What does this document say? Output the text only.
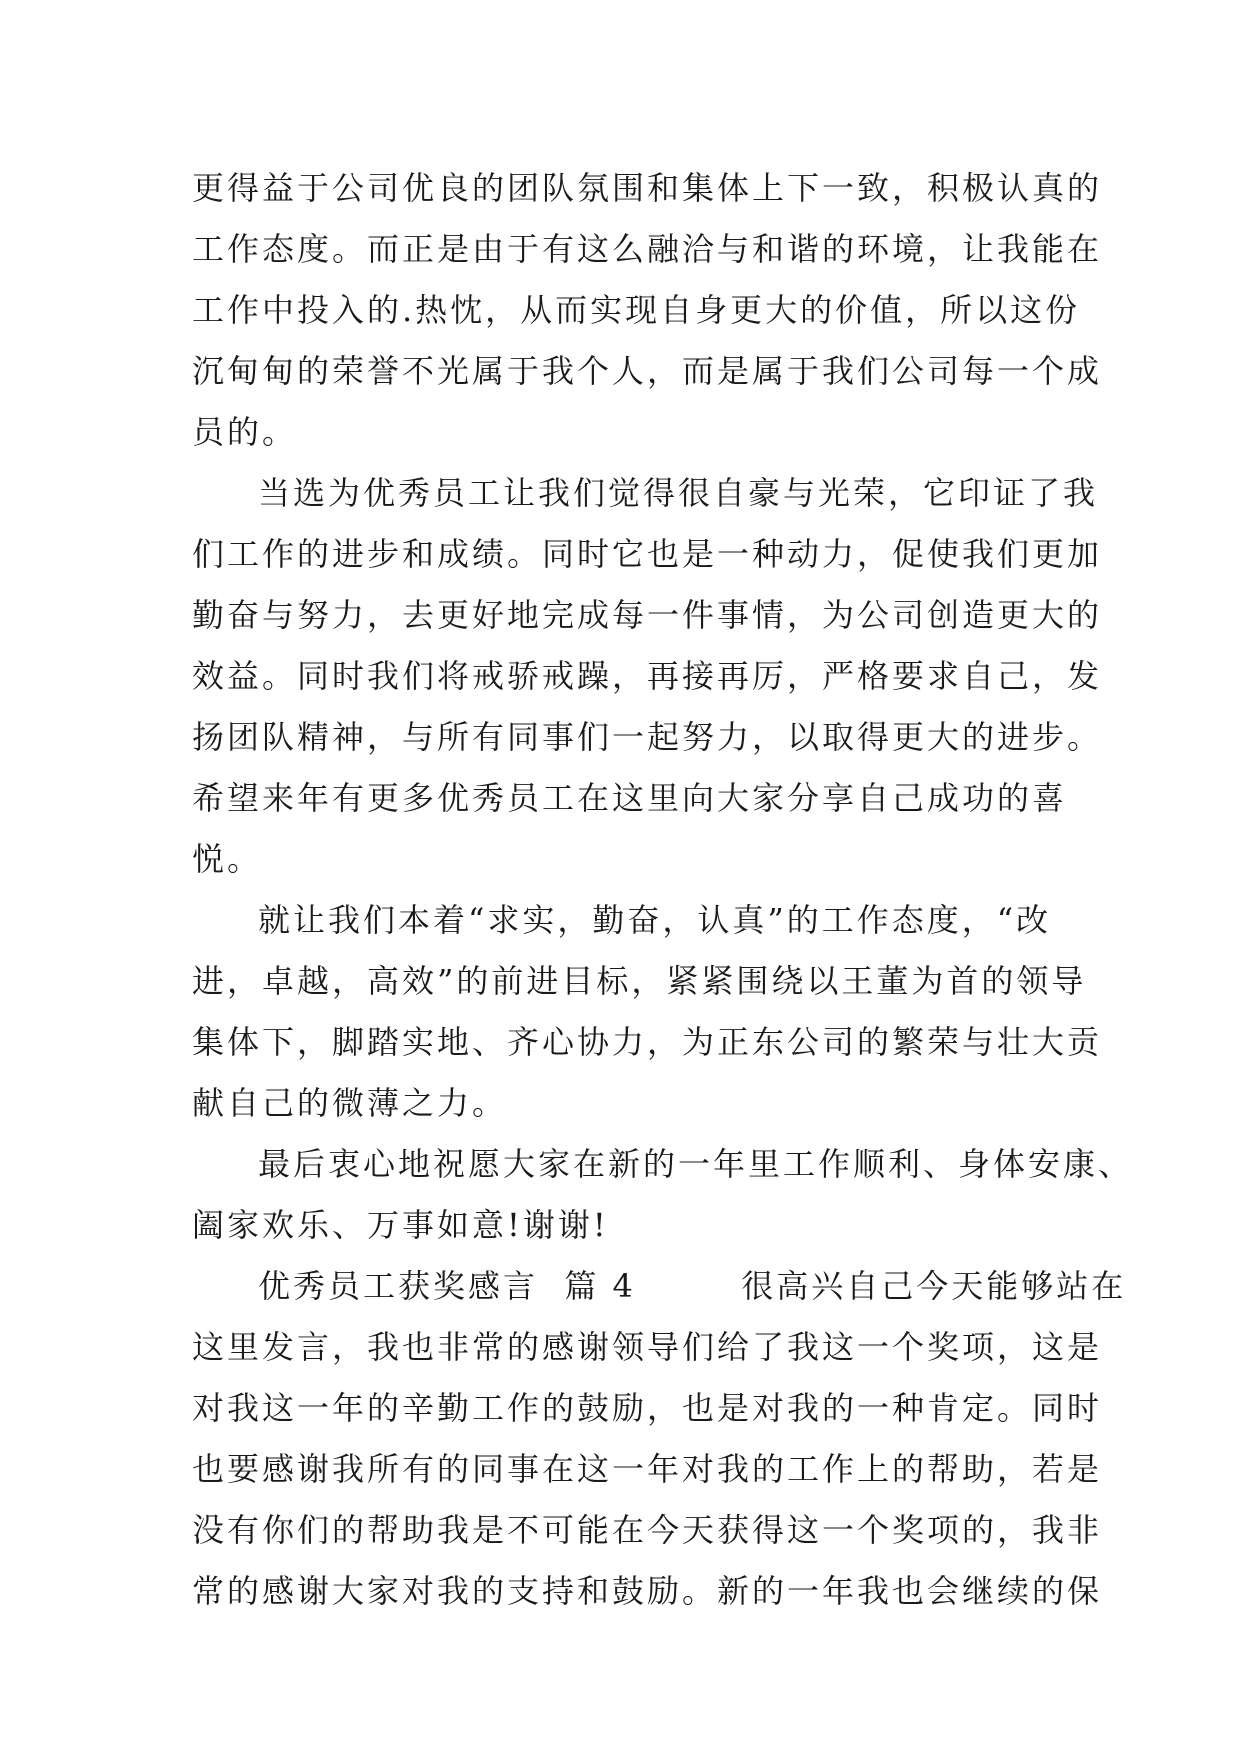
更得益于公司优良的团队氛围和集体上下一致，积极认真的
工作态度。而正是由于有这么融洽与和谐的环境，让我能在
工作中投入的.热忱，从而实现自身更大的价值，所以这份
沉甸甸的荣誉不光属于我个人，而是属于我们公司每一个成
员的。
当选为优秀员工让我们觉得很自豪与光荣，它印证了我
们工作的进步和成绩。同时它也是一种动力，促使我们更加
勤奋与努力，去更好地完成每一件事情，为公司创造更大的
效益。同时我们将戒骄戒躁，再接再厉，严格要求自己，发
扬团队精神，与所有同事们一起努力，以取得更大的进步。
希望来年有更多优秀员工在这里向大家分享自己成功的喜
悦。
就让我们本着“求实，勤奋，认真”的工作态度，“改
进，卓越，高效”的前进目标，紧紧围绕以王董为首的领导
集体下，脚踏实地、齐心协力，为正东公司的繁荣与壮大贡
献自己的微薄之力。
最后衷心地祝愿大家在新的一年里工作顺利、身体安康、
阖家欢乐、万事如意!谢谢!
优秀员工获奖感言  篇 4        很高兴自己今天能够站在
这里发言，我也非常的感谢领导们给了我这一个奖项，这是
对我这一年的辛勤工作的鼓励，也是对我的一种肯定。同时
也要感谢我所有的同事在这一年对我的工作上的帮助，若是
没有你们的帮助我是不可能在今天获得这一个奖项的，我非
常的感谢大家对我的支持和鼓励。新的一年我也会继续的保
